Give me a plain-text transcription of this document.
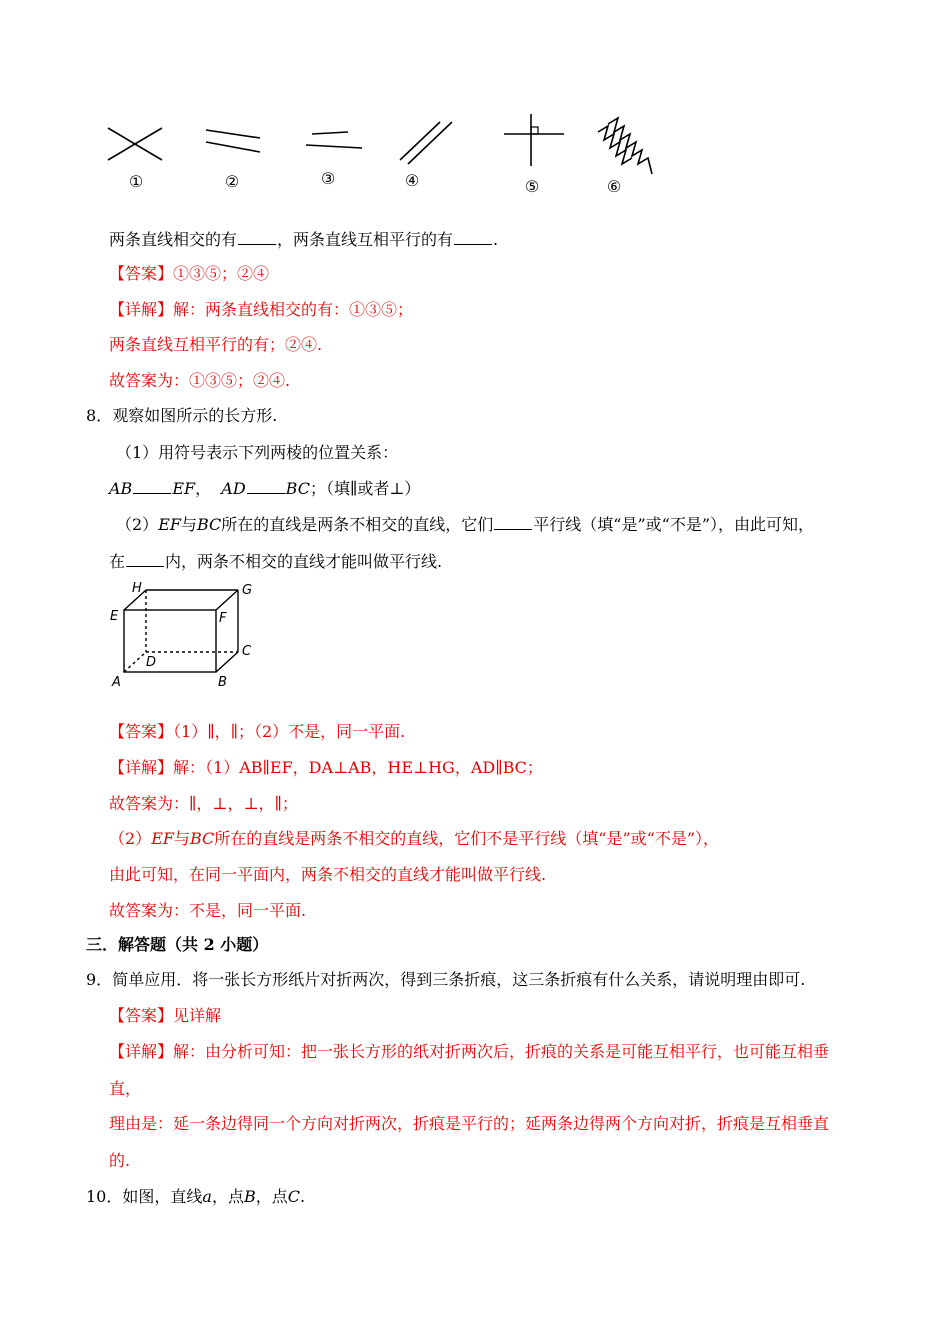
①	②	③	④	⑤	⑥
两条直线相交的有	，两条直线互相平行的有	.
【答案】①③⑤；②④
【详解】解：两条直线相交的有：①③⑤；
两条直线互相平行的有；②④.
故答案为：①③⑤；②④.
8．观察如图所示的长方形.
（1）用符号表示下列两棱的位置关系：
AB	EF， AD	BC；（填∥或者⊥）
（2）EF与BC所在的直线是两条不相交的直线，它们	平行线（填“是”或“不是”），由此可知，
在	内，两条不相交的直线才能叫做平行线.
H	G
E	F
C
D
A	B
【答案】（1）∥，∥；（2）不是，同一平面.
【详解】解：（1）AB∥EF，DA⊥AB，HE⊥HG，AD∥BC；
故答案为：∥，⊥，⊥，∥；
（2）EF与BC所在的直线是两条不相交的直线，它们不是平行线（填“是”或“不是”），
由此可知，在同一平面内，两条不相交的直线才能叫做平行线.
故答案为：不是，同一平面.
三．解答题（共 2 小题）
9．简单应用．将一张长方形纸片对折两次，得到三条折痕，这三条折痕有什么关系，请说明理由即可.
【答案】见详解
【详解】解：由分析可知：把一张长方形的纸对折两次后，折痕的关系是可能互相平行，也可能互相垂
直，
理由是：延一条边得同一个方向对折两次，折痕是平行的；延两条边得两个方向对折，折痕是互相垂直
的.
10．如图，直线a，点B，点C.
